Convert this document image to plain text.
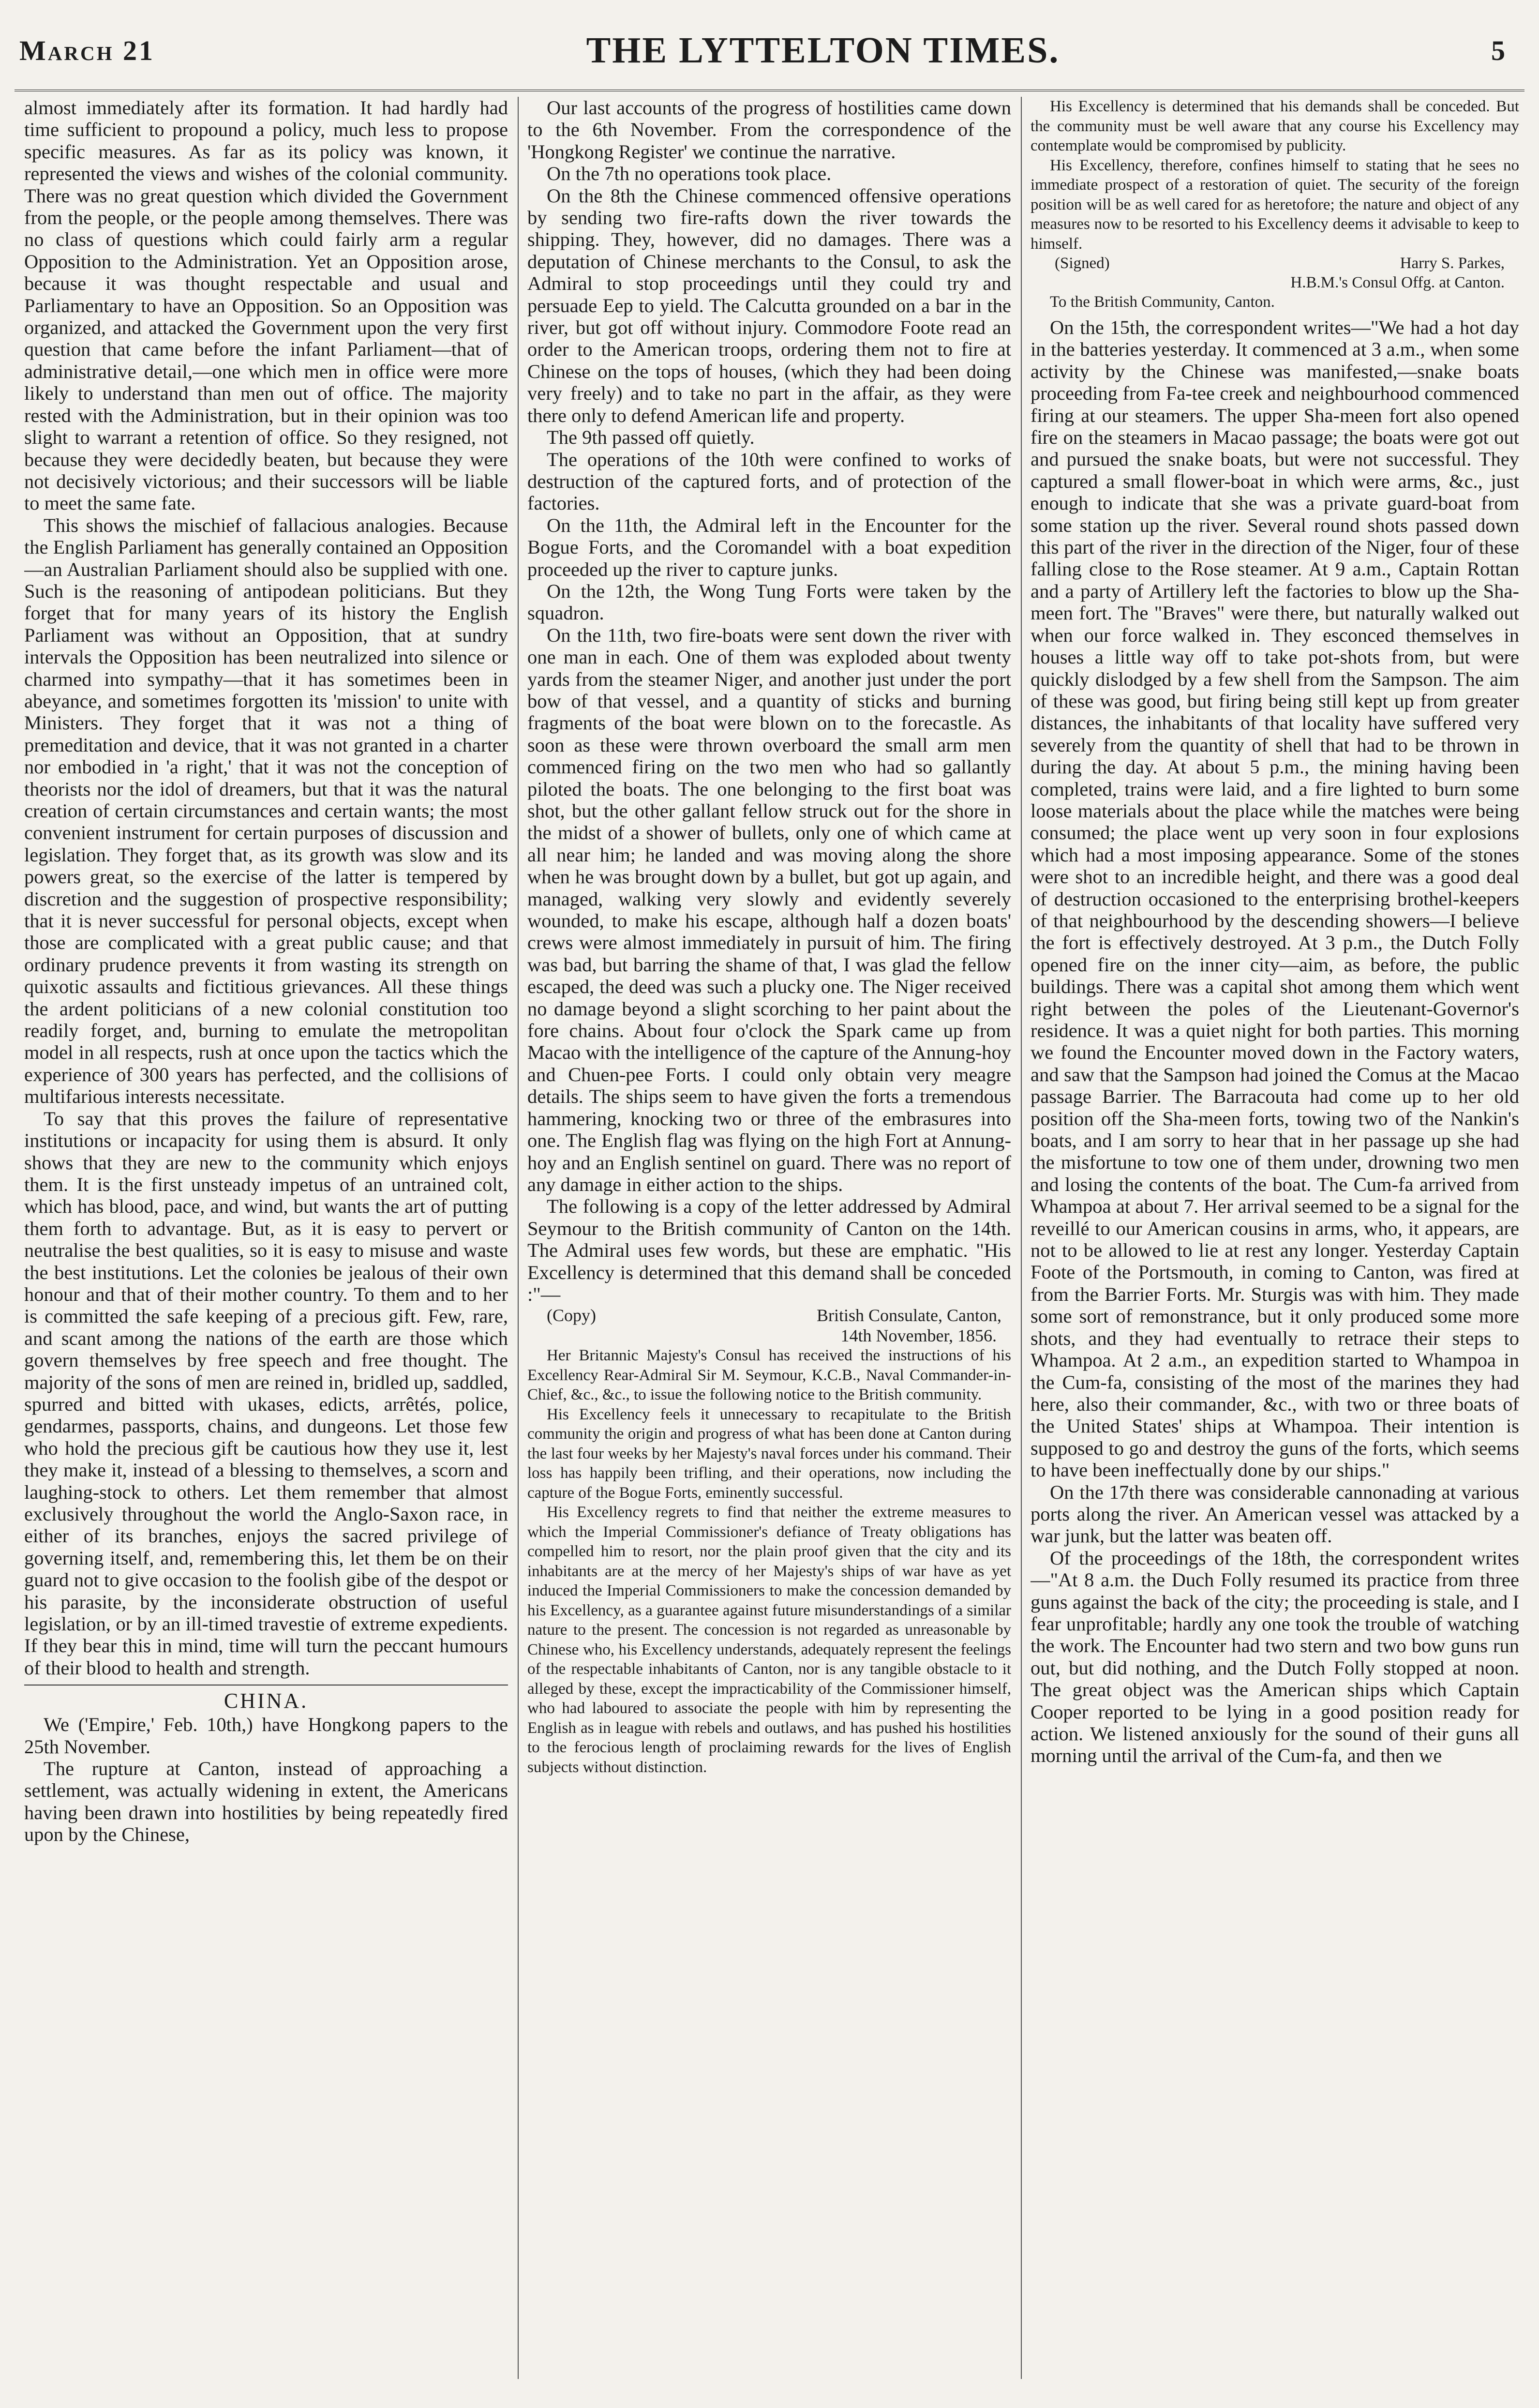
March 21	THE LYTTELTON TIMES.	5

almost immediately after its formation. It had hardly had time sufficient to propound a policy, much less to propose specific measures. As far as its policy was known, it represented the views and wishes of the colonial community. There was no great question which divided the Government from the people, or the people among themselves. There was no class of questions which could fairly arm a regular Opposition to the Administration. Yet an Opposition arose, because it was thought respectable and usual and Parliamentary to have an Opposition. So an Opposition was organized, and attacked the Government upon the very first question that came before the infant Parliament—that of administrative detail,—one which men in office were more likely to understand than men out of office. The majority rested with the Administration, but in their opinion was too slight to warrant a retention of office. So they resigned, not because they were decidedly beaten, but because they were not decisively victorious; and their successors will be liable to meet the same fate.

This shows the mischief of fallacious analogies. Because the English Parliament has generally contained an Opposition—an Australian Parliament should also be supplied with one. Such is the reasoning of antipodean politicians. But they forget that for many years of its history the English Parliament was without an Opposition, that at sundry intervals the Opposition has been neutralized into silence or charmed into sympathy—that it has sometimes been in abeyance, and sometimes forgotten its 'mission' to unite with Ministers. They forget that it was not a thing of premeditation and device, that it was not granted in a charter nor embodied in 'a right,' that it was not the conception of theorists nor the idol of dreamers, but that it was the natural creation of certain circumstances and certain wants; the most convenient instrument for certain purposes of discussion and legislation. They forget that, as its growth was slow and its powers great, so the exercise of the latter is tempered by discretion and the suggestion of prospective responsibility; that it is never successful for personal objects, except when those are complicated with a great public cause; and that ordinary prudence prevents it from wasting its strength on quixotic assaults and fictitious grievances. All these things the ardent politicians of a new colonial constitution too readily forget, and, burning to emulate the metropolitan model in all respects, rush at once upon the tactics which the experience of 300 years has perfected, and the collisions of multifarious interests necessitate.

To say that this proves the failure of representative institutions or incapacity for using them is absurd. It only shows that they are new to the community which enjoys them. It is the first unsteady impetus of an untrained colt, which has blood, pace, and wind, but wants the art of putting them forth to advantage. But, as it is easy to pervert or neutralise the best qualities, so it is easy to misuse and waste the best institutions. Let the colonies be jealous of their own honour and that of their mother country. To them and to her is committed the safe keeping of a precious gift. Few, rare, and scant among the nations of the earth are those which govern themselves by free speech and free thought. The majority of the sons of men are reined in, bridled up, saddled, spurred and bitted with ukases, edicts, arrêtés, police, gendarmes, passports, chains, and dungeons. Let those few who hold the precious gift be cautious how they use it, lest they make it, instead of a blessing to themselves, a scorn and laughing-stock to others. Let them remember that almost exclusively throughout the world the Anglo-Saxon race, in either of its branches, enjoys the sacred privilege of governing itself, and, remembering this, let them be on their guard not to give occasion to the foolish gibe of the despot or his parasite, by the inconsiderate obstruction of useful legislation, or by an ill-timed travestie of extreme expedients. If they bear this in mind, time will turn the peccant humours of their blood to health and strength.

CHINA.

We ('Empire,' Feb. 10th,) have Hongkong papers to the 25th November.

The rupture at Canton, instead of approaching a settlement, was actually widening in extent, the Americans having been drawn into hostilities by being repeatedly fired upon by the Chinese,

Our last accounts of the progress of hostilities came down to the 6th November. From the correspondence of the 'Hongkong Register' we continue the narrative.

On the 7th no operations took place.

On the 8th the Chinese commenced offensive operations by sending two fire-rafts down the river towards the shipping. They, however, did no damages. There was a deputation of Chinese merchants to the Consul, to ask the Admiral to stop proceedings until they could try and persuade Eep to yield. The Calcutta grounded on a bar in the river, but got off without injury. Commodore Foote read an order to the American troops, ordering them not to fire at Chinese on the tops of houses, (which they had been doing very freely) and to take no part in the affair, as they were there only to defend American life and property.

The 9th passed off quietly.

The operations of the 10th were confined to works of destruction of the captured forts, and of protection of the factories.

On the 11th, the Admiral left in the Encounter for the Bogue Forts, and the Coromandel with a boat expedition proceeded up the river to capture junks.

On the 12th, the Wong Tung Forts were taken by the squadron.

On the 11th, two fire-boats were sent down the river with one man in each. One of them was exploded about twenty yards from the steamer Niger, and another just under the port bow of that vessel, and a quantity of sticks and burning fragments of the boat were blown on to the forecastle. As soon as these were thrown overboard the small arm men commenced firing on the two men who had so gallantly piloted the boats. The one belonging to the first boat was shot, but the other gallant fellow struck out for the shore in the midst of a shower of bullets, only one of which came at all near him; he landed and was moving along the shore when he was brought down by a bullet, but got up again, and managed, walking very slowly and evidently severely wounded, to make his escape, although half a dozen boats' crews were almost immediately in pursuit of him. The firing was bad, but barring the shame of that, I was glad the fellow escaped, the deed was such a plucky one. The Niger received no damage beyond a slight scorching to her paint about the fore chains. About four o'clock the Spark came up from Macao with the intelligence of the capture of the Annung-hoy and Chuen-pee Forts. I could only obtain very meagre details. The ships seem to have given the forts a tremendous hammering, knocking two or three of the embrasures into one. The English flag was flying on the high Fort at Annung-hoy and an English sentinel on guard. There was no report of any damage in either action to the ships.

The following is a copy of the letter addressed by Admiral Seymour to the British community of Canton on the 14th. The Admiral uses few words, but these are emphatic. "His Excellency is determined that this demand shall be conceded :"—

(Copy)	British Consulate, Canton,
14th November, 1856.

Her Britannic Majesty's Consul has received the instructions of his Excellency Rear-Admiral Sir M. Seymour, K.C.B., Naval Commander-in-Chief, &c., &c., to issue the following notice to the British community.

His Excellency feels it unnecessary to recapitulate to the British community the origin and progress of what has been done at Canton during the last four weeks by her Majesty's naval forces under his command. Their loss has happily been trifling, and their operations, now including the capture of the Bogue Forts, eminently successful.

His Excellency regrets to find that neither the extreme measures to which the Imperial Commissioner's defiance of Treaty obligations has compelled him to resort, nor the plain proof given that the city and its inhabitants are at the mercy of her Majesty's ships of war have as yet induced the Imperial Commissioners to make the concession demanded by his Excellency, as a guarantee against future misunderstandings of a similar nature to the present. The concession is not regarded as unreasonable by Chinese who, his Excellency understands, adequately represent the feelings of the respectable inhabitants of Canton, nor is any tangible obstacle to it alleged by these, except the impracticability of the Commissioner himself, who had laboured to associate the people with him by representing the English as in league with rebels and outlaws, and has pushed his hostilities to the ferocious length of proclaiming rewards for the lives of English subjects without distinction.

His Excellency is determined that his demands shall be conceded. But the community must be well aware that any course his Excellency may contemplate would be compromised by publicity.

His Excellency, therefore, confines himself to stating that he sees no immediate prospect of a restoration of quiet. The security of the foreign position will be as well cared for as heretofore; the nature and object of any measures now to be resorted to his Excellency deems it advisable to keep to himself.

(Signed)	Harry S. Parkes,
H.B.M.'s Consul Offg. at Canton.

To the British Community, Canton.

On the 15th, the correspondent writes—"We had a hot day in the batteries yesterday. It commenced at 3 a.m., when some activity by the Chinese was manifested,—snake boats proceeding from Fa-tee creek and neighbourhood commenced firing at our steamers. The upper Sha-meen fort also opened fire on the steamers in Macao passage; the boats were got out and pursued the snake boats, but were not successful. They captured a small flower-boat in which were arms, &c., just enough to indicate that she was a private guard-boat from some station up the river. Several round shots passed down this part of the river in the direction of the Niger, four of these falling close to the Rose steamer. At 9 a.m., Captain Rottan and a party of Artillery left the factories to blow up the Sha-meen fort. The "Braves" were there, but naturally walked out when our force walked in. They esconced themselves in houses a little way off to take pot-shots from, but were quickly dislodged by a few shell from the Sampson. The aim of these was good, but firing being still kept up from greater distances, the inhabitants of that locality have suffered very severely from the quantity of shell that had to be thrown in during the day. At about 5 p.m., the mining having been completed, trains were laid, and a fire lighted to burn some loose materials about the place while the matches were being consumed; the place went up very soon in four explosions which had a most imposing appearance. Some of the stones were shot to an incredible height, and there was a good deal of destruction occasioned to the enterprising brothel-keepers of that neighbourhood by the descending showers—I believe the fort is effectively destroyed. At 3 p.m., the Dutch Folly opened fire on the inner city—aim, as before, the public buildings. There was a capital shot among them which went right between the poles of the Lieutenant-Governor's residence. It was a quiet night for both parties. This morning we found the Encounter moved down in the Factory waters, and saw that the Sampson had joined the Comus at the Macao passage Barrier. The Barracouta had come up to her old position off the Sha-meen forts, towing two of the Nankin's boats, and I am sorry to hear that in her passage up she had the misfortune to tow one of them under, drowning two men and losing the contents of the boat. The Cum-fa arrived from Whampoa at about 7. Her arrival seemed to be a signal for the reveillé to our American cousins in arms, who, it appears, are not to be allowed to lie at rest any longer. Yesterday Captain Foote of the Portsmouth, in coming to Canton, was fired at from the Barrier Forts. Mr. Sturgis was with him. They made some sort of remonstrance, but it only produced some more shots, and they had eventually to retrace their steps to Whampoa. At 2 a.m., an expedition started to Whampoa in the Cum-fa, consisting of the most of the marines they had here, also their commander, &c., with two or three boats of the United States' ships at Whampoa. Their intention is supposed to go and destroy the guns of the forts, which seems to have been ineffectually done by our ships."

On the 17th there was considerable cannonading at various ports along the river. An American vessel was attacked by a war junk, but the latter was beaten off.

Of the proceedings of the 18th, the correspondent writes—"At 8 a.m. the Duch Folly resumed its practice from three guns against the back of the city; the proceeding is stale, and I fear unprofitable; hardly any one took the trouble of watching the work. The Encounter had two stern and two bow guns run out, but did nothing, and the Dutch Folly stopped at noon. The great object was the American ships which Captain Cooper reported to be lying in a good position ready for action. We listened anxiously for the sound of their guns all morning until the arrival of the Cum-fa, and then we
